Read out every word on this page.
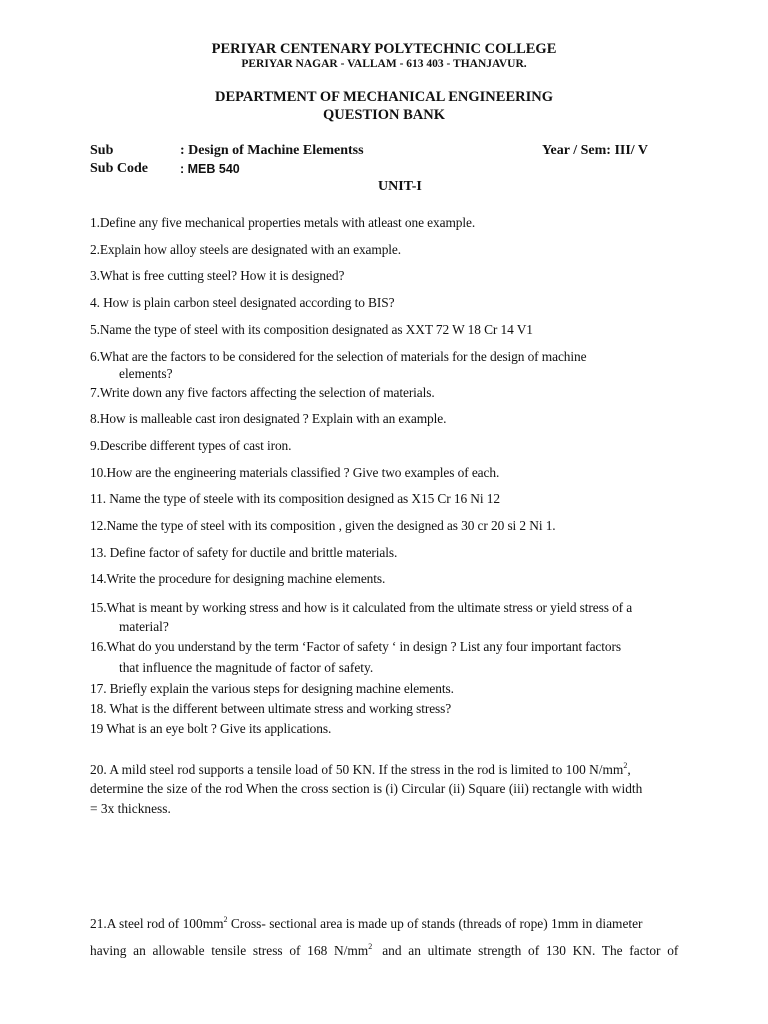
PERIYAR CENTENARY POLYTECHNIC COLLEGE
PERIYAR NAGAR - VALLAM - 613 403 - THANJAVUR.
DEPARTMENT OF MECHANICAL ENGINEERING
QUESTION BANK
Sub	: Design of Machine Elementss	Year / Sem: III/ V
Sub Code	: MEB 540
UNIT-I
1.Define any five mechanical properties metals with atleast one example.
2.Explain how alloy steels are designated with an example.
3.What is free cutting steel? How it is designed?
4. How is plain carbon steel designated according to BIS?
5.Name the type of steel with its composition designated as XXT 72 W 18 Cr 14 V1
6.What are the factors to be considered for the selection of materials for the design of machine
elements?
7.Write down any five factors affecting the selection of materials.
8.How is malleable cast iron designated ? Explain with an example.
9.Describe different types of cast iron.
10.How are the engineering materials classified ? Give two examples of each.
11. Name the type of steele with its composition designed as X15 Cr 16 Ni 12
12.Name the type of steel with its composition , given the designed as 30 cr 20 si 2 Ni 1.
13. Define factor of safety for ductile and brittle materials.
14.Write the procedure for designing machine elements.
15.What is meant by working stress and how is it calculated from the ultimate stress or yield stress of a
material?
16.What do you understand by the term ‘Factor of safety ‘ in design ? List any four important factors
that influence the magnitude of factor of safety.
17. Briefly explain the various steps for designing machine elements.
18. What is the different between ultimate stress and working stress?
19 What is an eye bolt ? Give its applications.
20. A mild steel rod supports a tensile load of 50 KN. If the stress in the rod is limited to 100 $N/mm^2$,
determine the size of the rod When the cross section is (i) Circular (ii) Square (iii) rectangle with width
= 3x thickness.
21.A steel rod of $100mm^2$ Cross- sectional area is made up of stands (threads of rope) 1mm in diameter
having  an  allowable  tensile  stress  of  168  $N/mm^2$   and  an  ultimate  strength  of  130  KN.  The  factor  of
